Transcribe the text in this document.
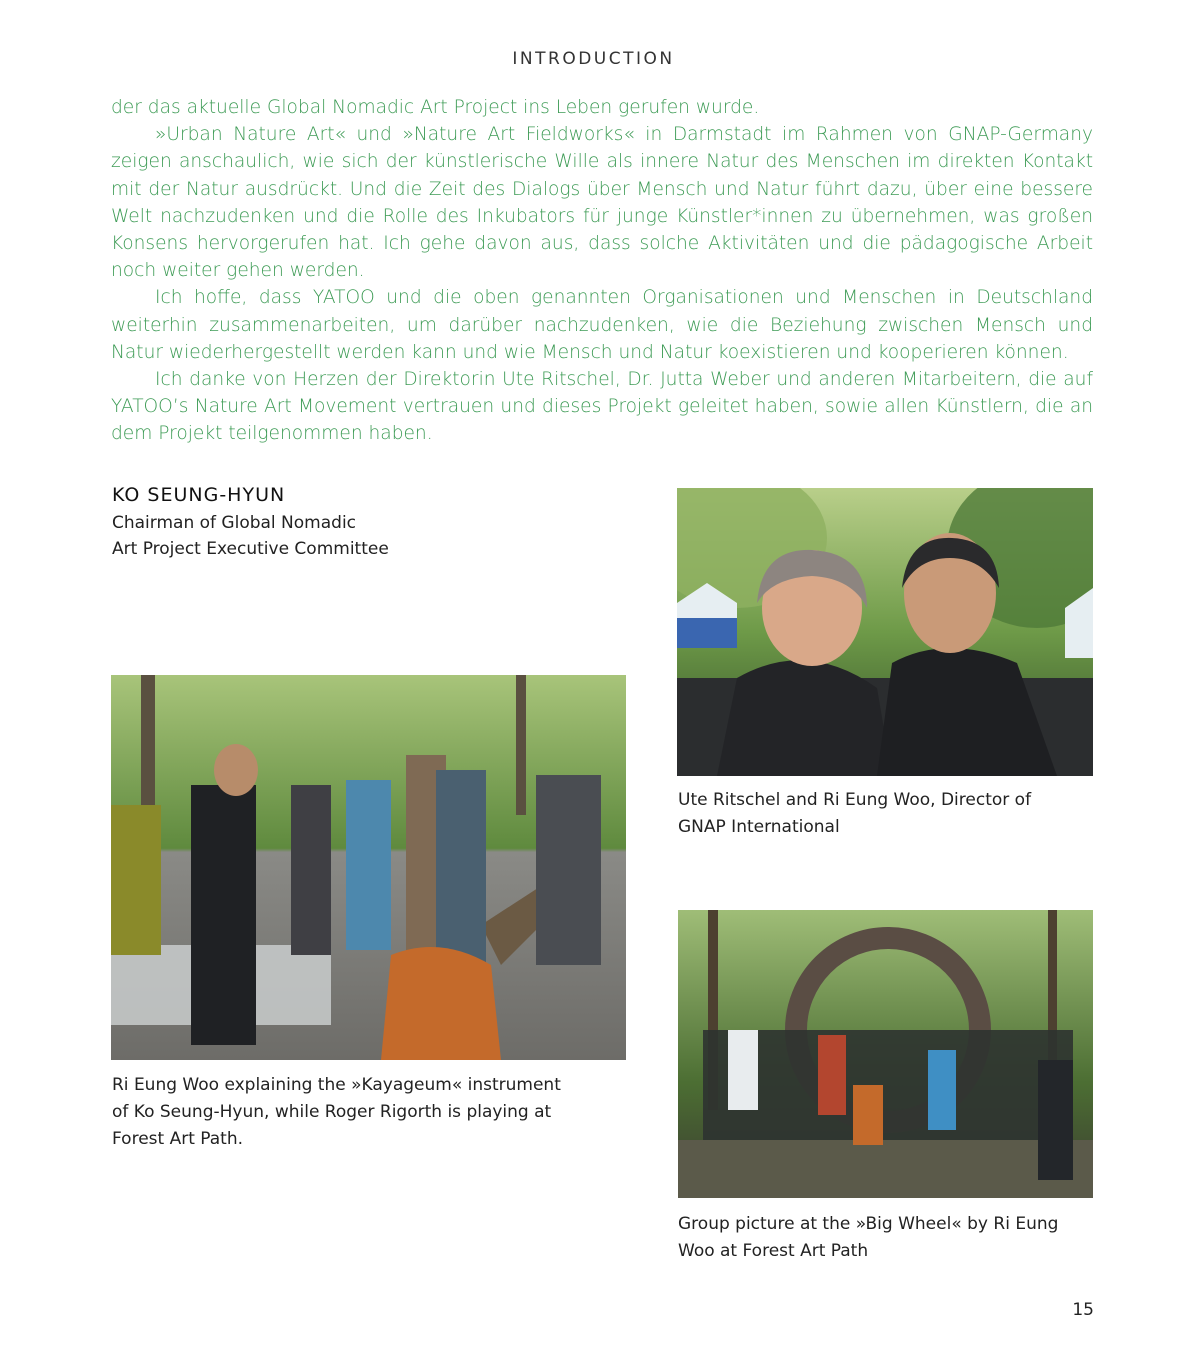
INTRODUCTION

der das aktuelle Global Nomadic Art Project ins Leben gerufen wurde.

»Urban Nature Art« und »Nature Art Fieldworks« in Darmstadt im Rahmen von GNAP-Germany zeigen anschaulich, wie sich der künstlerische Wille als innere Natur des Menschen im direkten Kontakt mit der Natur ausdrückt. Und die Zeit des Dialogs über Mensch und Natur führt dazu, über eine bessere Welt nachzudenken und die Rolle des Inkubators für junge Künstler*innen zu übernehmen, was großen Konsens hervorgerufen hat. Ich gehe davon aus, dass solche Aktivitäten und die pädagogische Arbeit noch weiter gehen werden.

Ich hoffe, dass YATOO und die oben genannten Organisationen und Menschen in Deutschland weiterhin zusammenarbeiten, um darüber nachzudenken, wie die Beziehung zwischen Mensch und Natur wiederhergestellt werden kann und wie Mensch und Natur koexistieren und kooperieren können.

Ich danke von Herzen der Direktorin Ute Ritschel, Dr. Jutta Weber und anderen Mitarbeitern, die auf YATOO’s Nature Art Movement vertrauen und dieses Projekt geleitet haben, sowie allen Künstlern, die an dem Projekt teilgenommen haben.

KO SEUNG-HYUN
Chairman of Global Nomadic
Art Project Executive Committee
Ute Ritschel and Ri Eung Woo, Director of
GNAP International
Ri Eung Woo explaining the »Kayageum« instrument
of Ko Seung-Hyun, while Roger Rigorth is playing at
Forest Art Path.
Group picture at the »Big Wheel« by Ri Eung
Woo at Forest Art Path
15
